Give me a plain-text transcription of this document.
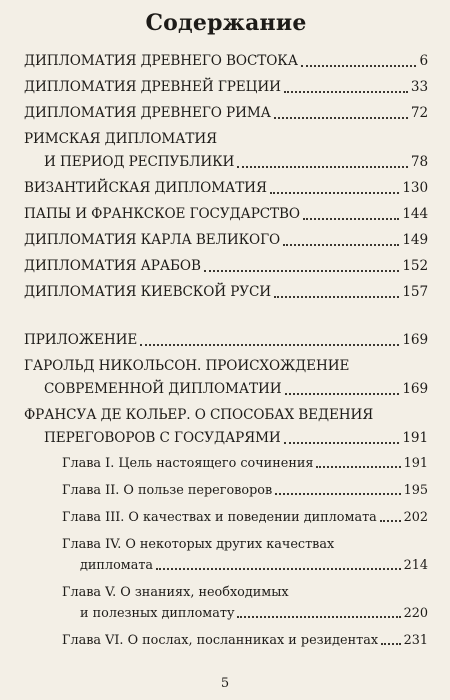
Содержание
ДИПЛОМАТИЯ ДРЕВНЕГО ВОСТОКА	6
ДИПЛОМАТИЯ ДРЕВНЕЙ ГРЕЦИИ	33
ДИПЛОМАТИЯ ДРЕВНЕГО РИМА	72
РИМСКАЯ ДИПЛОМАТИЯ
И ПЕРИОД РЕСПУБЛИКИ	78
ВИЗАНТИЙСКАЯ ДИПЛОМАТИЯ	130
ПАПЫ И ФРАНКСКОЕ ГОСУДАРСТВО	144
ДИПЛОМАТИЯ КАРЛА ВЕЛИКОГО	149
ДИПЛОМАТИЯ АРАБОВ	152
ДИПЛОМАТИЯ КИЕВСКОЙ РУСИ	157
ПРИЛОЖЕНИЕ	169
ГАРОЛЬД НИКОЛЬСОН. ПРОИСХОЖДЕНИЕ
СОВРЕМЕННОЙ ДИПЛОМАТИИ	169
ФРАНСУА ДЕ КОЛЬЕР. О СПОСОБАХ ВЕДЕНИЯ
ПЕРЕГОВОРОВ С ГОСУДАРЯМИ	191
Глава I. Цель настоящего сочинения	191
Глава II. О пользе переговоров	195
Глава III. О качествах и поведении дипломата 202
Глава IV. О некоторых других качествах
дипломата	214
Глава V. О знаниях, необходимых
и полезных дипломату	220
Глава VI. О послах, посланниках и резидентах 231
5
